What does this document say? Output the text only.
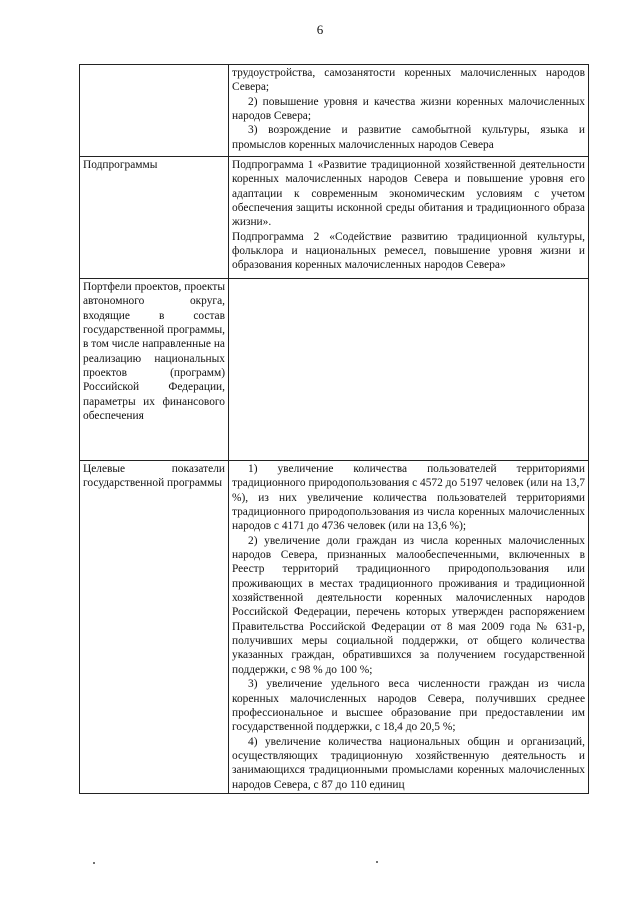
6

	трудоустройства, самозанятости коренных малочисленных народов Севера;
2) повышение уровня и качества жизни коренных малочисленных народов Севера;
3) возрождение и развитие самобытной культуры, языка и промыслов коренных малочисленных народов Севера

Подпрограммы	Подпрограмма 1 «Развитие традиционной хозяйственной деятельности коренных малочисленных народов Севера и повышение уровня его адаптации к современным экономическим условиям с учетом обеспечения защиты исконной среды обитания и традиционного образа жизни».
Подпрограмма 2 «Содействие развитию традиционной культуры, фольклора и национальных ремесел, повышение уровня жизни и образования коренных малочисленных народов Севера»

Портфели проектов, проекты автономного округа, входящие в состав государственной программы, в том числе направленные на реализацию национальных проектов (программ) Российской Федерации, параметры их финансового обеспечения	
Целевые показатели государственной программы	1) увеличение количества пользователей территориями традиционного природопользования с 4572 до 5197 человек (или на 13,7 %), из них увеличение количества пользователей территориями традиционного природопользования из числа коренных малочисленных народов с 4171 до 4736 человек (или на 13,6 %);
2) увеличение доли граждан из числа коренных малочисленных народов Севера, признанных малообеспеченными, включенных в Реестр территорий традиционного природопользования или проживающих в местах традиционного проживания и традиционной хозяйственной деятельности коренных малочисленных народов Российской Федерации, перечень которых утвержден распоряжением Правительства Российской Федерации от 8 мая 2009 года № 631-р, получивших меры социальной поддержки, от общего количества указанных граждан, обратившихся за получением государственной поддержки, с 98 % до 100 %;
3) увеличение удельного веса численности граждан из числа коренных малочисленных народов Севера, получивших среднее профессиональное и высшее образование при предоставлении им государственной поддержки, с 18,4 до 20,5 %;
4) увеличение количества национальных общин и организаций, осуществляющих традиционную хозяйственную деятельность и занимающихся традиционными промыслами коренных малочисленных народов Севера, с 87 до 110 единиц
